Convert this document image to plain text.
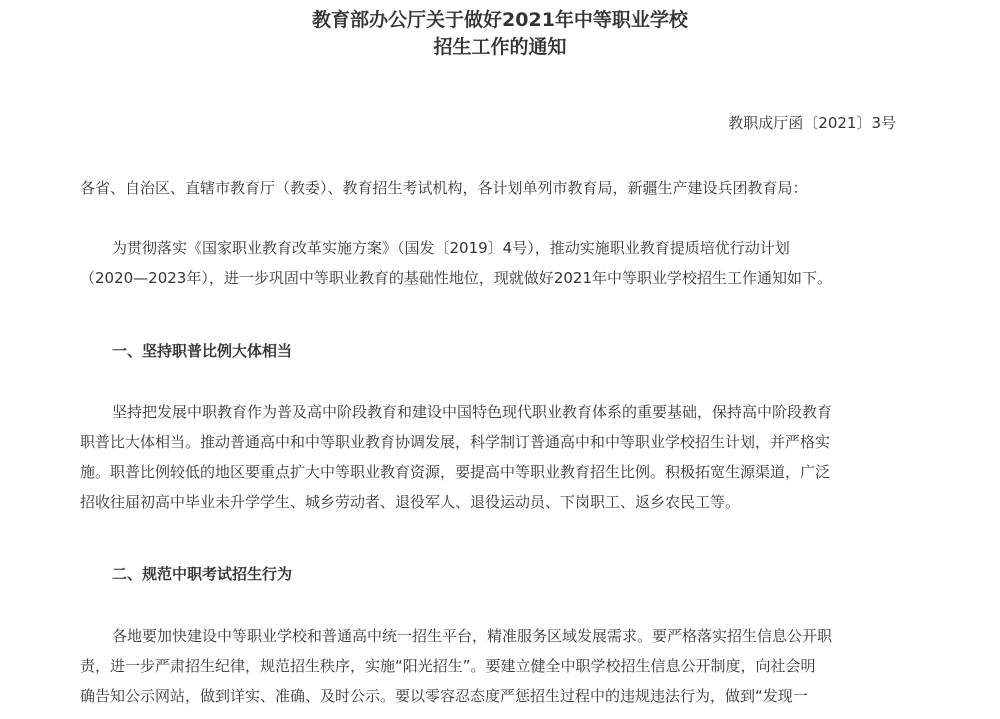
教育部办公厅关于做好2021年中等职业学校
招生工作的通知
教职成厅函〔2021〕3号
各省、自治区、直辖市教育厅（教委）、教育招生考试机构，各计划单列市教育局，新疆生产建设兵团教育局：
为贯彻落实《国家职业教育改革实施方案》（国发〔2019〕4号），推动实施职业教育提质培优行动计划
（2020—2023年），进一步巩固中等职业教育的基础性地位，现就做好2021年中等职业学校招生工作通知如下。
一、坚持职普比例大体相当
坚持把发展中职教育作为普及高中阶段教育和建设中国特色现代职业教育体系的重要基础，保持高中阶段教育
职普比大体相当。推动普通高中和中等职业教育协调发展，科学制订普通高中和中等职业学校招生计划，并严格实
施。职普比例较低的地区要重点扩大中等职业教育资源，要提高中等职业教育招生比例。积极拓宽生源渠道，广泛
招收往届初高中毕业未升学学生、城乡劳动者、退役军人、退役运动员、下岗职工、返乡农民工等。
二、规范中职考试招生行为
各地要加快建设中等职业学校和普通高中统一招生平台，精准服务区域发展需求。要严格落实招生信息公开职
责，进一步严肃招生纪律，规范招生秩序，实施“阳光招生”。要建立健全中职学校招生信息公开制度，向社会明
确告知公示网站，做到详实、准确、及时公示。要以零容忍态度严惩招生过程中的违规违法行为，做到“发现一
